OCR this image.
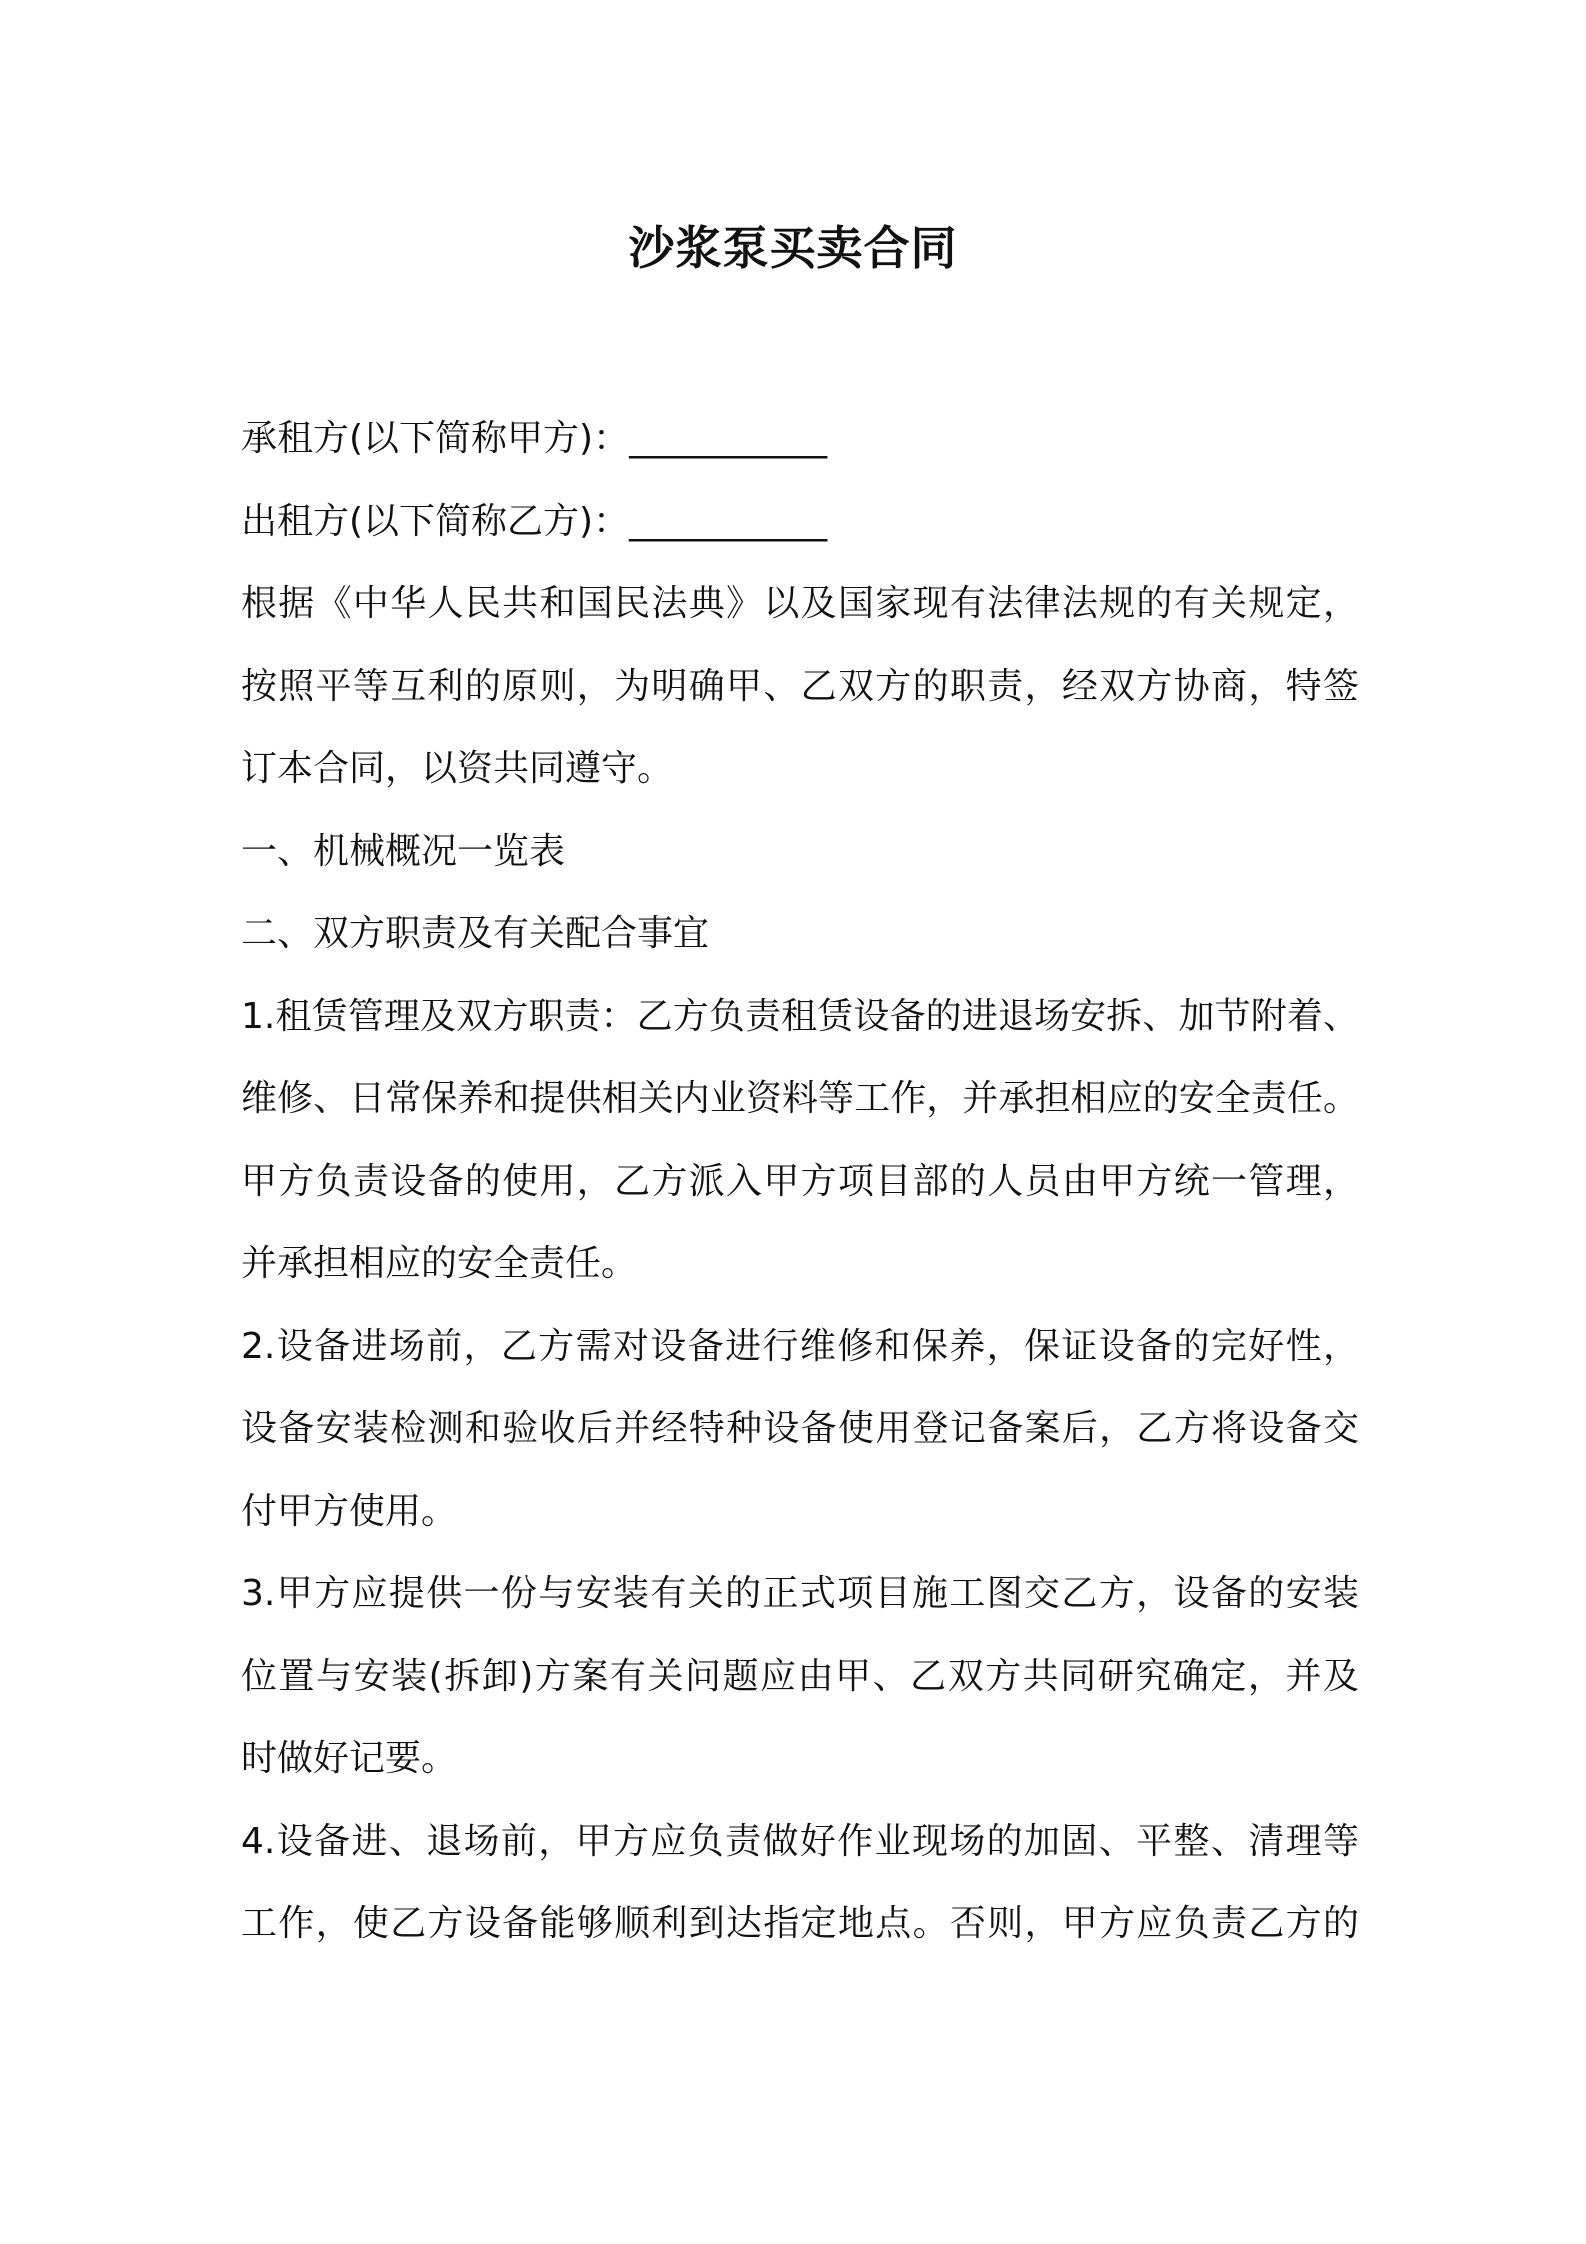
沙浆泵买卖合同
承租方(以下简称甲方)：___________
出租方(以下简称乙方)：___________
根据《中华人民共和国民法典》以及国家现有法律法规的有关规定，
按照平等互利的原则，为明确甲、乙双方的职责，经双方协商，特签
订本合同，以资共同遵守。
一、机械概况一览表
二、双方职责及有关配合事宜
1.租赁管理及双方职责：乙方负责租赁设备的进退场安拆、加节附着、
维修、日常保养和提供相关内业资料等工作，并承担相应的安全责任。
甲方负责设备的使用，乙方派入甲方项目部的人员由甲方统一管理，
并承担相应的安全责任。
2.设备进场前，乙方需对设备进行维修和保养，保证设备的完好性，
设备安装检测和验收后并经特种设备使用登记备案后，乙方将设备交
付甲方使用。
3.甲方应提供一份与安装有关的正式项目施工图交乙方，设备的安装
位置与安装(拆卸)方案有关问题应由甲、乙双方共同研究确定，并及
时做好记要。
4.设备进、退场前，甲方应负责做好作业现场的加固、平整、清理等
工作，使乙方设备能够顺利到达指定地点。否则，甲方应负责乙方的
